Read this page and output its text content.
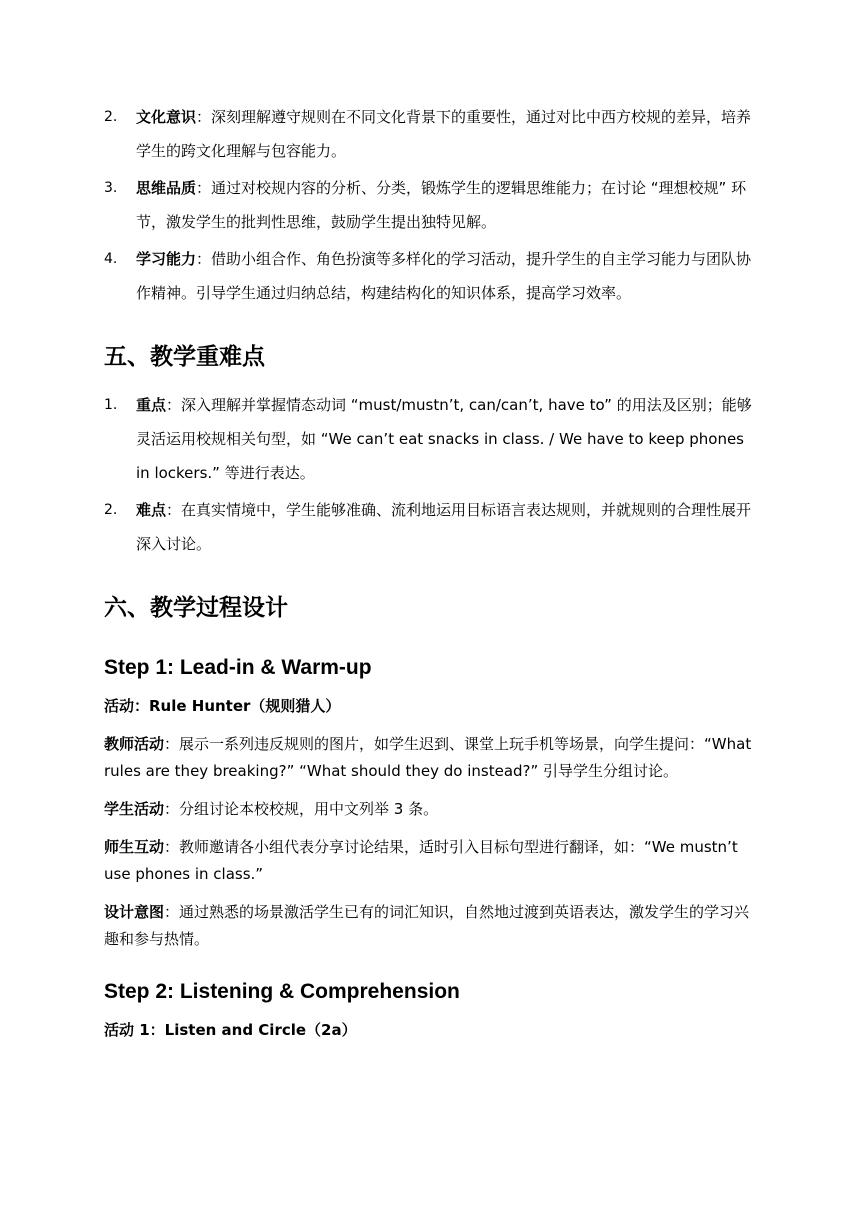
2. 文化意识：深刻理解遵守规则在不同文化背景下的重要性，通过对比中西方校规的差异，培养学生的跨文化理解与包容能力。
3. 思维品质：通过对校规内容的分析、分类，锻炼学生的逻辑思维能力；在讨论 “理想校规” 环节，激发学生的批判性思维，鼓励学生提出独特见解。
4. 学习能力：借助小组合作、角色扮演等多样化的学习活动，提升学生的自主学习能力与团队协作精神。引导学生通过归纳总结，构建结构化的知识体系，提高学习效率。
五、教学重难点
1. 重点：深入理解并掌握情态动词 “must/mustn’t, can/can’t, have to” 的用法及区别；能够灵活运用校规相关句型，如 “We can’t eat snacks in class. / We have to keep phones in lockers.” 等进行表达。
2. 难点：在真实情境中，学生能够准确、流利地运用目标语言表达规则，并就规则的合理性展开深入讨论。
六、教学过程设计
Step 1: Lead-in & Warm-up

活动：Rule Hunter（规则猎人）

教师活动：展示一系列违反规则的图片，如学生迟到、课堂上玩手机等场景，向学生提问：“What rules are they breaking?” “What should they do instead?” 引导学生分组讨论。

学生活动：分组讨论本校校规，用中文列举 3 条。

师生互动：教师邀请各小组代表分享讨论结果，适时引入目标句型进行翻译，如：“We mustn’t use phones in class.”

设计意图：通过熟悉的场景激活学生已有的词汇知识，自然地过渡到英语表达，激发学生的学习兴趣和参与热情。

Step 2: Listening & Comprehension

活动 1：Listen and Circle（2a）
